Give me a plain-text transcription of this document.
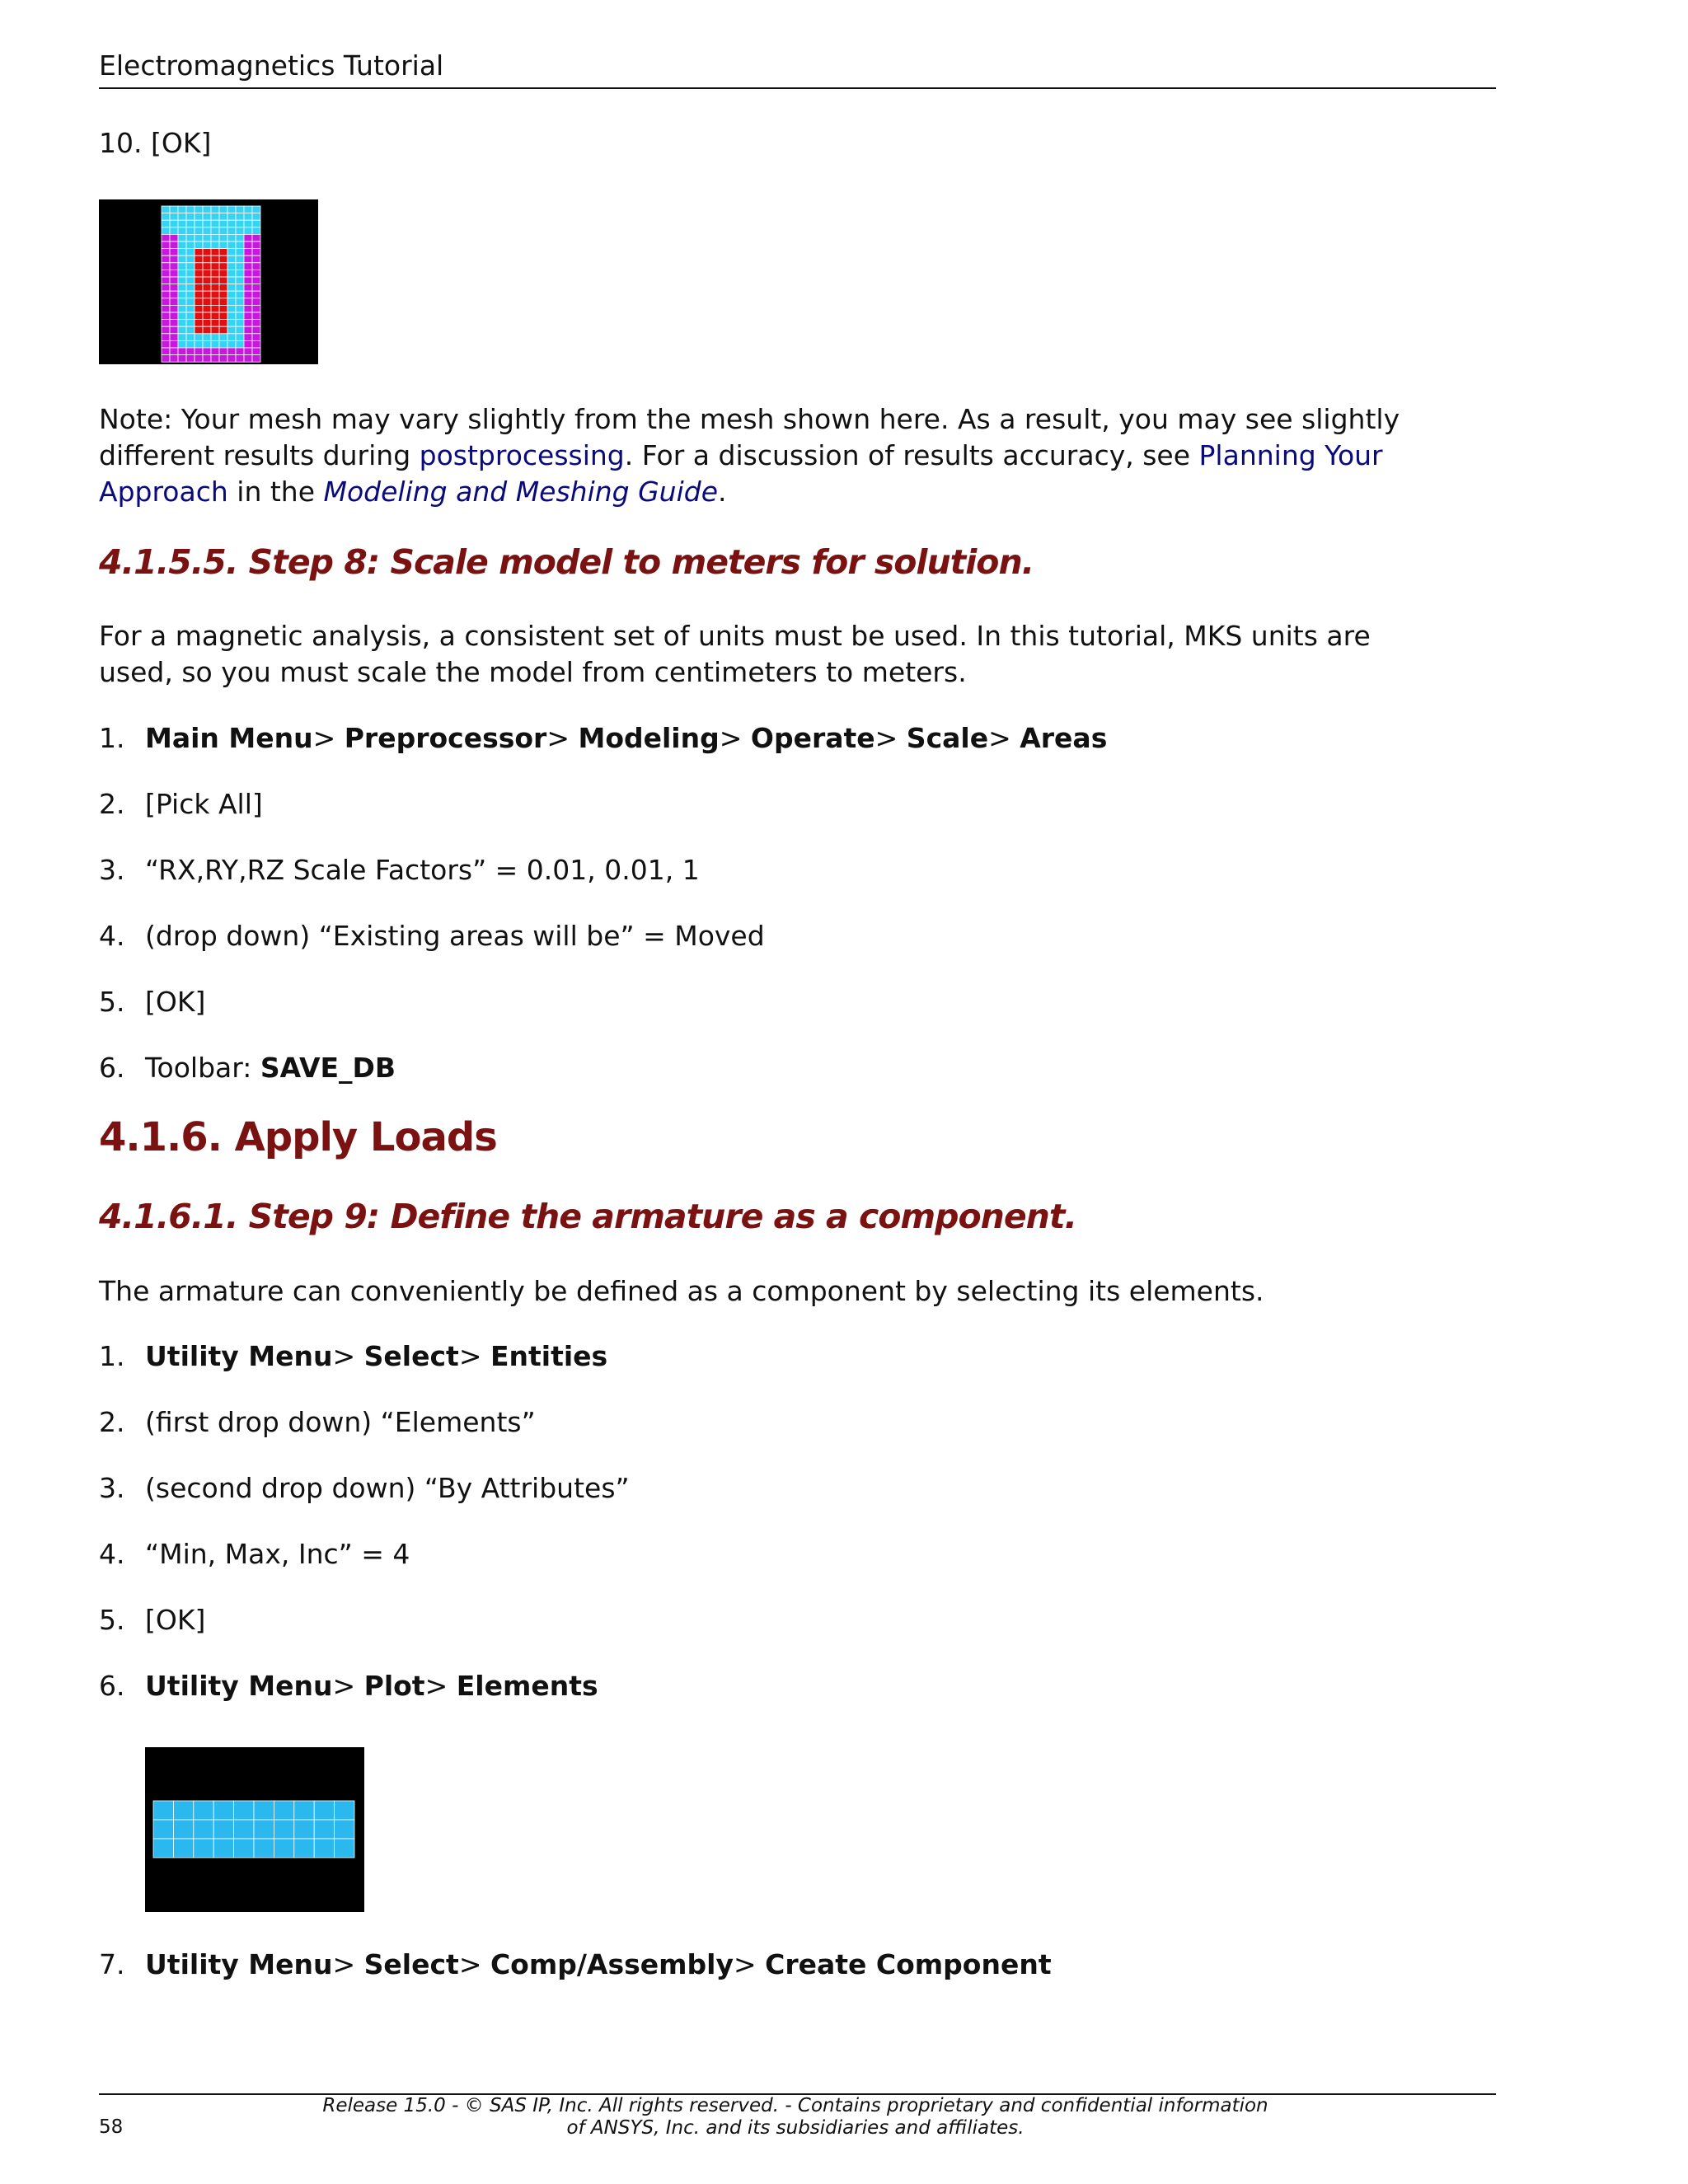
Electromagnetics Tutorial
10. [OK]
Note: Your mesh may vary slightly from the mesh shown here. As a result, you may see slightly different results during postprocessing. For a discussion of results accuracy, see Planning Your Approach in the Modeling and Meshing Guide.
4.1.5.5. Step 8: Scale model to meters for solution.
For a magnetic analysis, a consistent set of units must be used. In this tutorial, MKS units are used, so you must scale the model from centimeters to meters.
1. Main Menu> Preprocessor> Modeling> Operate> Scale> Areas
2. [Pick All]
3. “RX,RY,RZ Scale Factors” = 0.01, 0.01, 1
4. (drop down) “Existing areas will be” = Moved
5. [OK]
6. Toolbar: SAVE_DB
4.1.6. Apply Loads
4.1.6.1. Step 9: Define the armature as a component.
The armature can conveniently be defined as a component by selecting its elements.
1. Utility Menu> Select> Entities
2. (first drop down) “Elements”
3. (second drop down) “By Attributes”
4. “Min, Max, Inc” = 4
5. [OK]
6. Utility Menu> Plot> Elements
7. Utility Menu> Select> Comp/Assembly> Create Component
Release 15.0 - © SAS IP, Inc. All rights reserved. - Contains proprietary and confidential information
of ANSYS, Inc. and its subsidiaries and affiliates.
58
